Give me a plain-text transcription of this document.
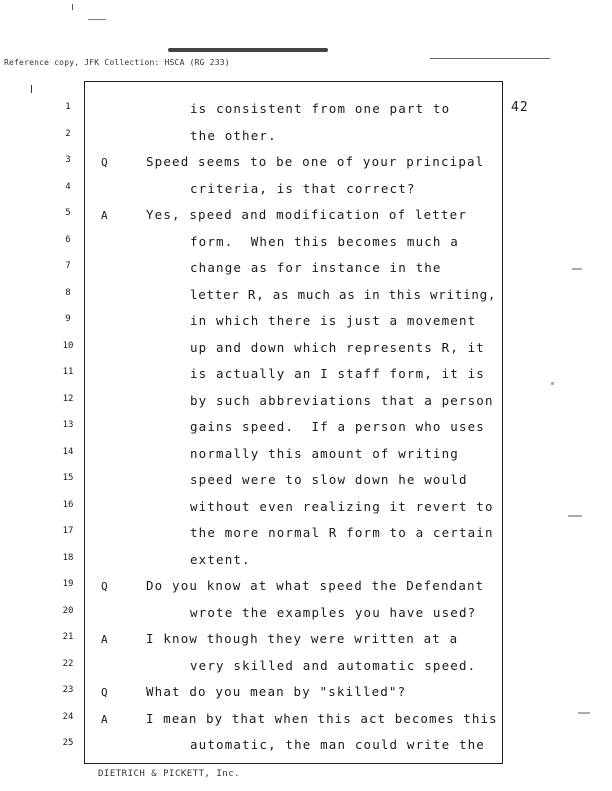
Reference copy, JFK Collection: HSCA (RG 233)
42
1	is consistent from one part to
2	the other.
3	Q	Speed seems to be one of your principal
4	criteria, is that correct?
5	A	Yes, speed and modification of letter
6	form.  When this becomes much a
7	change as for instance in the
8	letter R, as much as in this writing,
9	in which there is just a movement
10	up and down which represents R, it
11	is actually an I staff form, it is
12	by such abbreviations that a person
13	gains speed.  If a person who uses
14	normally this amount of writing
15	speed were to slow down he would
16	without even realizing it revert to
17	the more normal R form to a certain
18	extent.
19	Q	Do you know at what speed the Defendant
20	wrote the examples you have used?
21	A	I know though they were written at a
22	very skilled and automatic speed.
23	Q	What do you mean by "skilled"?
24	A	I mean by that when this act becomes this
25	automatic, the man could write the
DIETRICH & PICKETT, Inc.
